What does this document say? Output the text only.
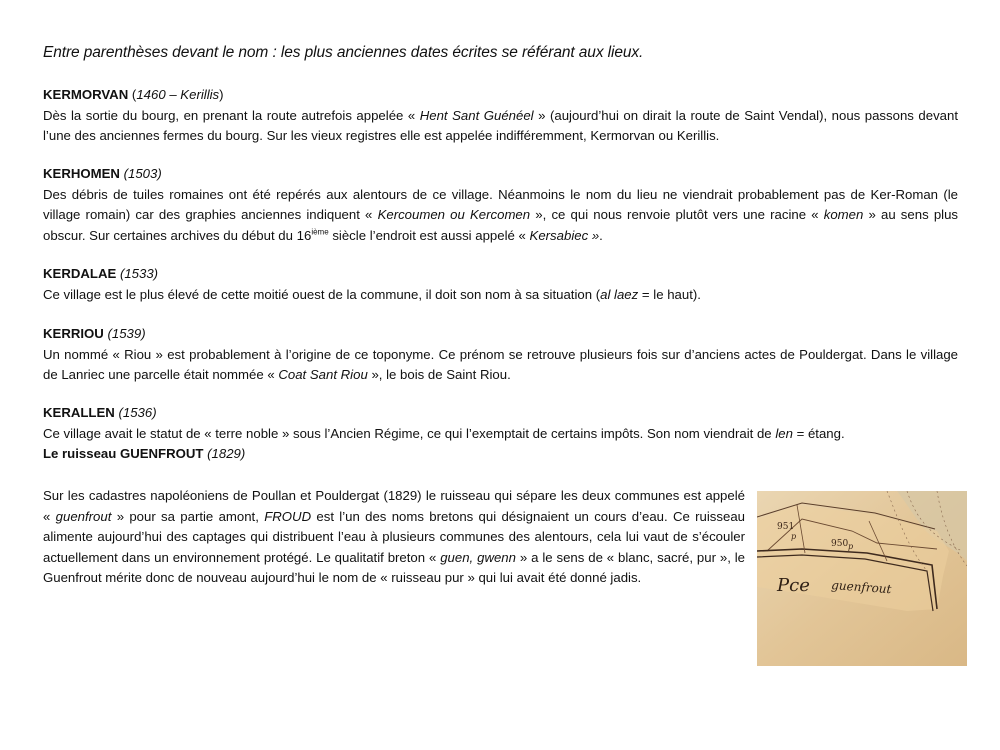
Entre parenthèses devant le nom : les plus anciennes dates écrites se référant aux lieux.
KERMORVAN (1460 – Kerillis)

Dès la sortie du bourg, en prenant la route autrefois appelée « Hent Sant Guénéel » (aujourd’hui on dirait la route de Saint Vendal), nous passons devant l’une des anciennes fermes du bourg. Sur les vieux registres elle est appelée indifféremment, Kermorvan ou Kerillis.

KERHOMEN (1503)

Des débris de tuiles romaines ont été repérés aux alentours de ce village. Néanmoins le nom du lieu ne viendrait probablement pas de Ker-Roman (le village romain) car des graphies anciennes indiquent « Kercoumen ou Kercomen », ce qui nous renvoie plutôt vers une racine « komen » au sens plus obscur. Sur certaines archives du début du 16ième siècle l’endroit est aussi appelé « Kersabiec ».

KERDALAE (1533)

Ce village est le plus élevé de cette moitié ouest de la commune, il doit son nom à sa situation (al laez = le haut).

KERRIOU (1539)

Un nommé « Riou » est probablement à l’origine de ce toponyme. Ce prénom se retrouve plusieurs fois sur d’anciens actes de Pouldergat. Dans le village de Lanriec une parcelle était nommée « Coat Sant Riou », le bois de Saint Riou.

KERALLEN (1536)

Ce village avait le statut de « terre noble » sous l’Ancien Régime, ce qui l’exemptait de certains impôts. Son nom viendrait de len = étang.

Le ruisseau GUENFROUT (1829)

Sur les cadastres napoléoniens de Poullan et Pouldergat (1829) le ruisseau qui sépare les deux communes est appelé « guenfrout » pour sa partie amont, FROUD est l’un des noms bretons qui désignaient un cours d’eau. Ce ruisseau alimente aujourd’hui des captages qui distribuent l’eau à plusieurs communes des alentours, cela lui vaut de s’écouler actuellement dans un environnement protégé. Le qualitatif breton « guen, gwenn » a le sens de « blanc, sacré, pur », le Guenfrout mérite donc de nouveau aujourd’hui le nom de « ruisseau pur » qui lui avait été donné jadis.

951
p
950 p
Pce guenfrout
